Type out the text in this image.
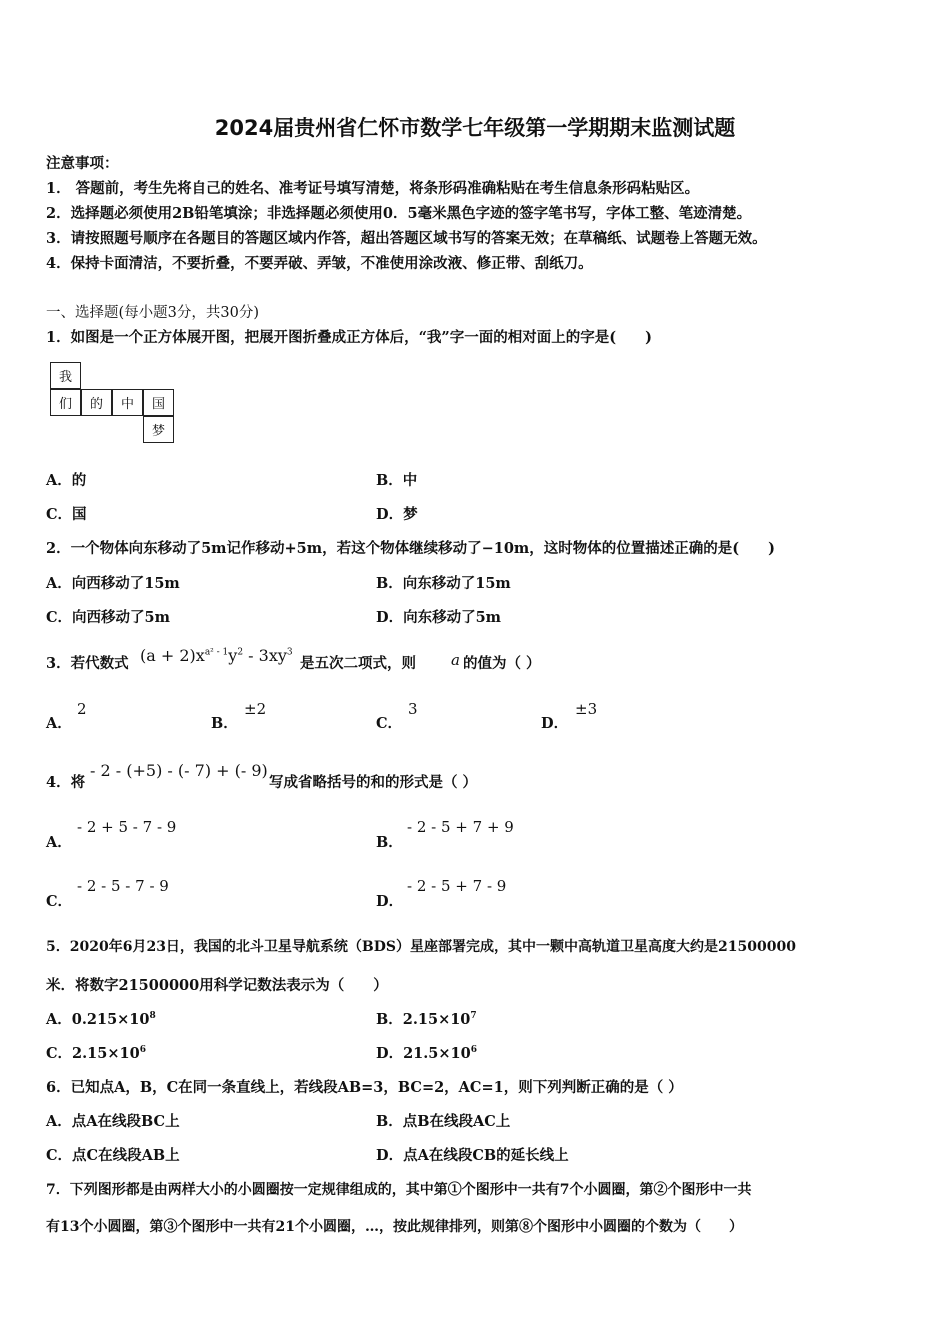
2024届贵州省仁怀市数学七年级第一学期期末监测试题
注意事项：
1． 答题前，考生先将自己的姓名、准考证号填写清楚，将条形码准确粘贴在考生信息条形码粘贴区。
2．选择题必须使用2B铅笔填涂；非选择题必须使用0．5毫米黑色字迹的签字笔书写，字体工整、笔迹清楚。
3．请按照题号顺序在各题目的答题区域内作答，超出答题区域书写的答案无效；在草稿纸、试题卷上答题无效。
4．保持卡面清洁，不要折叠，不要弄破、弄皱，不准使用涂改液、修正带、刮纸刀。
一、选择题(每小题3分，共30分)
1．如图是一个正方体展开图，把展开图折叠成正方体后，“我”字一面的相对面上的字是(　　)
我
们	的	中	国
梦
A．的	B．中
C．国	D．梦
2．一个物体向东移动了5m记作移动+5m，若这个物体继续移动了−10m，这时物体的位置描述正确的是(　　)
A．向西移动了15m	B．向东移动了15m
C．向西移动了5m	D．向东移动了5m
3．若代数式 $(a + 2)x^{a^2 - 1}y^2 - 3xy^3$
是五次二项式，则 a 的值为（ ）
A．
2
B．
±2
C．
3
D．
±3
4．将
- 2 - (+5) - (- 7) + (- 9)
写成省略括号的和的形式是（ ）
A．
- 2 + 5 - 7 - 9
B．
- 2 - 5 + 7 + 9
C．
- 2 - 5 - 7 - 9
D．
- 2 - 5 + 7 - 9
5．2020年6月23日，我国的北斗卫星导航系统（BDS）星座部署完成，其中一颗中高轨道卫星高度大约是21500000
米．将数字21500000用科学记数法表示为（　　）
A．$0.215\times 10^8$	B．$2.15\times 10^7$
C．$2.15\times 10^6$	D．$21.5\times 10^6$
6．已知点A，B，C在同一条直线上，若线段AB=3，BC=2，AC=1，则下列判断正确的是（ ）
A．点A在线段BC上	B．点B在线段AC上
C．点C在线段AB上	D．点A在线段CB的延长线上
7．下列图形都是由两样大小的小圆圈按一定规律组成的，其中第①个图形中一共有7个小圆圈，第②个图形中一共
有13个小圆圈，第③个图形中一共有21个小圆圈，…，按此规律排列，则第⑧个图形中小圆圈的个数为（　　）
